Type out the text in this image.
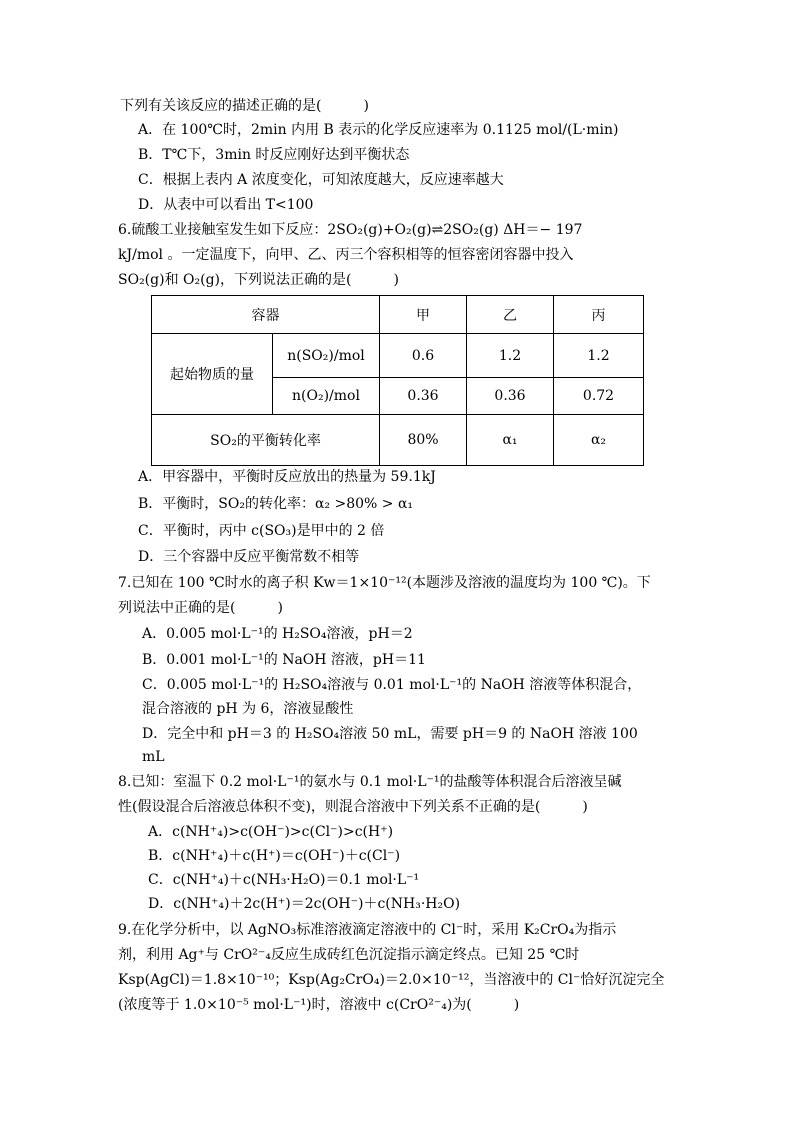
下列有关该反应的描述正确的是(　　　)
A．在 100℃时，2min 内用 B 表示的化学反应速率为 0.1125 mol/(L·min)
B．T℃下，3min 时反应刚好达到平衡状态
C．根据上表内 A 浓度变化，可知浓度越大，反应速率越大
D．从表中可以看出 T<100
6.硫酸工业接触室发生如下反应：2SO₂(g)+O₂(g)⇌2SO₂(g) ΔH＝− 197
kJ/mol 。一定温度下，向甲、乙、丙三个容积相等的恒容密闭容器中投入
SO₂(g)和 O₂(g)，下列说法正确的是(　　　)
容器		甲	乙	丙
起始物质的量	n(SO₂)/mol	0.6	1.2	1.2
	n(O₂)/mol	0.36	0.36	0.72
SO₂的平衡转化率		80%	α₁	α₂
A．甲容器中，平衡时反应放出的热量为 59.1kJ
B．平衡时，SO₂的转化率：α₂ >80% > α₁
C．平衡时，丙中 c(SO₃)是甲中的 2 倍
D．三个容器中反应平衡常数不相等
7.已知在 100 ℃时水的离子积 Kw＝1×10⁻¹²(本题涉及溶液的温度均为 100 ℃)。下
列说法中正确的是(　　　)
A．0.005 mol·L⁻¹的 H₂SO₄溶液，pH＝2
B．0.001 mol·L⁻¹的 NaOH 溶液，pH＝11
C．0.005 mol·L⁻¹的 H₂SO₄溶液与 0.01 mol·L⁻¹的 NaOH 溶液等体积混合，
混合溶液的 pH 为 6，溶液显酸性
D．完全中和 pH＝3 的 H₂SO₄溶液 50 mL，需要 pH＝9 的 NaOH 溶液 100
mL
8.已知：室温下 0.2 mol·L⁻¹的氨水与 0.1 mol·L⁻¹的盐酸等体积混合后溶液呈碱
性(假设混合后溶液总体积不变)，则混合溶液中下列关系不正确的是(　　　)
A．c(NH⁺₄)>c(OH⁻)>c(Cl⁻)>c(H⁺)
B．c(NH⁺₄)＋c(H⁺)＝c(OH⁻)＋c(Cl⁻)
C．c(NH⁺₄)＋c(NH₃·H₂O)＝0.1 mol·L⁻¹
D．c(NH⁺₄)＋2c(H⁺)＝2c(OH⁻)＋c(NH₃·H₂O)
9.在化学分析中，以 AgNO₃标准溶液滴定溶液中的 Cl⁻时，采用 K₂CrO₄为指示
剂，利用 Ag⁺与 CrO²⁻₄反应生成砖红色沉淀指示滴定终点。已知 25 ℃时
Ksp(AgCl)＝1.8×10⁻¹⁰；Ksp(Ag₂CrO₄)＝2.0×10⁻¹²，当溶液中的 Cl⁻恰好沉淀完全
(浓度等于 1.0×10⁻⁵ mol·L⁻¹)时，溶液中 c(CrO²⁻₄)为(　　　)
